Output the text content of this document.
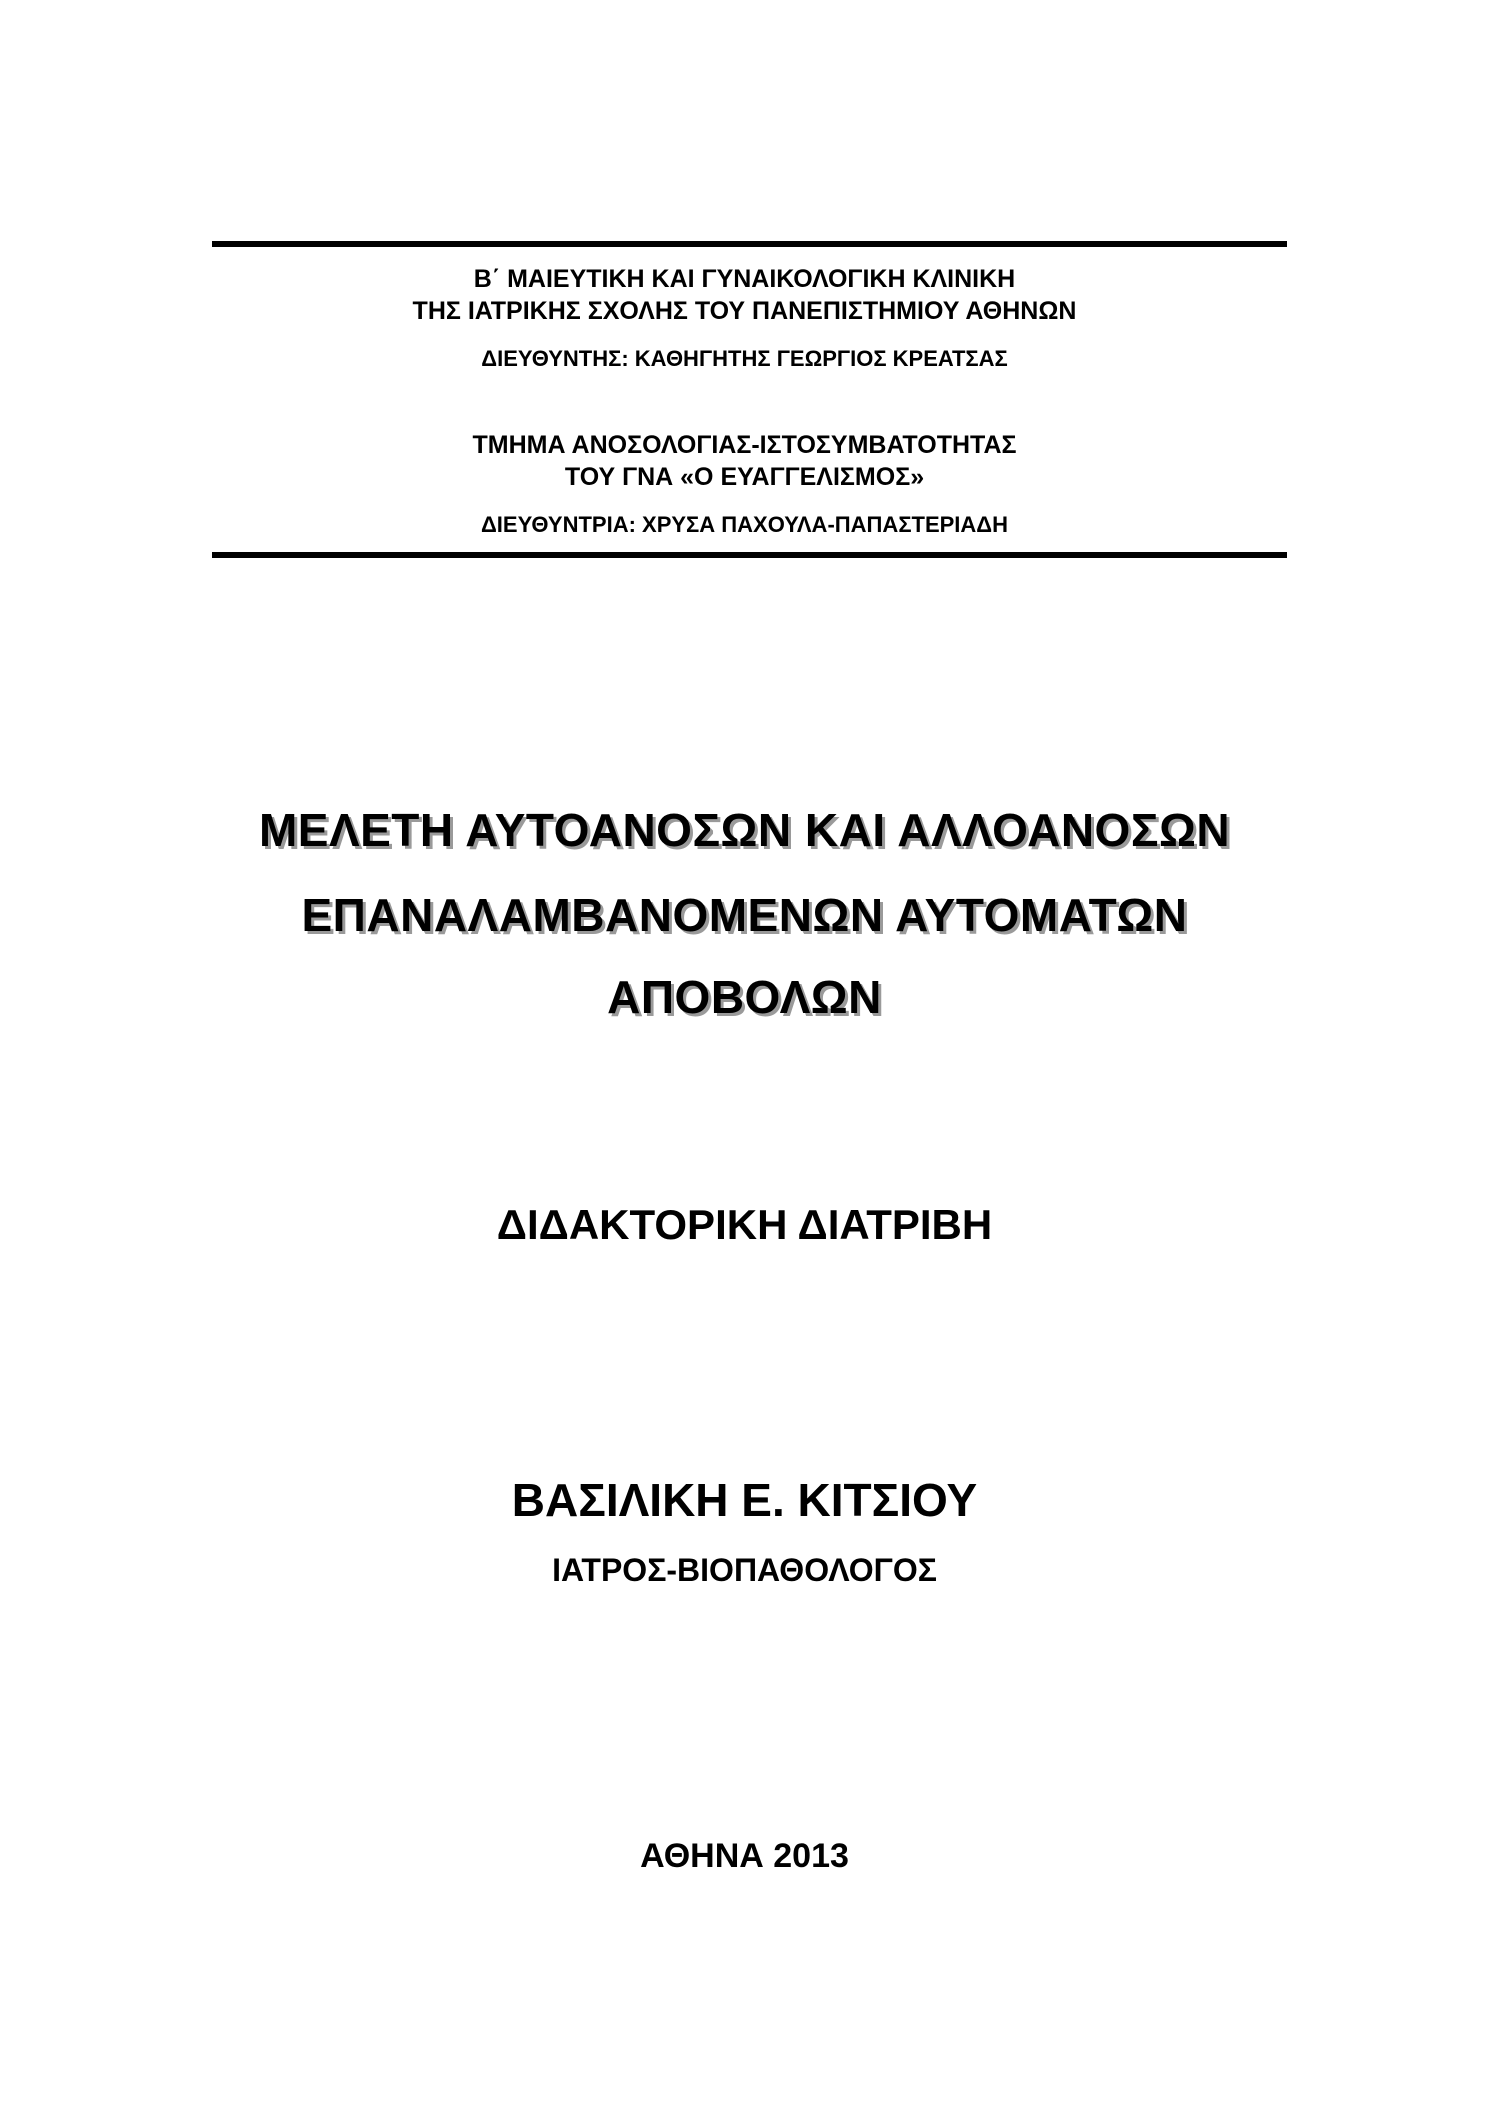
Β΄ ΜΑΙΕΥΤΙΚΗ ΚΑΙ ΓΥΝΑΙΚΟΛΟΓΙΚΗ ΚΛΙΝΙΚΗ
ΤΗΣ ΙΑΤΡΙΚΗΣ ΣΧΟΛΗΣ ΤΟΥ ΠΑΝΕΠΙΣΤΗΜΙΟΥ ΑΘΗΝΩΝ
ΔΙΕΥΘΥΝΤΗΣ: ΚΑΘΗΓΗΤΗΣ ΓΕΩΡΓΙΟΣ ΚΡΕΑΤΣΑΣ
ΤΜΗΜΑ ΑΝΟΣΟΛΟΓΙΑΣ-ΙΣΤΟΣΥΜΒΑΤΟΤΗΤΑΣ
ΤΟΥ ΓΝΑ «Ο ΕΥΑΓΓΕΛΙΣΜΟΣ»
ΔΙΕΥΘΥΝΤΡΙΑ: ΧΡΥΣΑ ΠΑΧΟΥΛΑ-ΠΑΠΑΣΤΕΡΙΑΔΗ
ΜΕΛΕΤΗ ΑΥΤΟΑΝΟΣΩΝ ΚΑΙ ΑΛΛΟΑΝΟΣΩΝ
ΕΠΑΝΑΛΑΜΒΑΝΟΜΕΝΩΝ ΑΥΤΟΜΑΤΩΝ
ΑΠΟΒΟΛΩΝ
ΔΙΔΑΚΤΟΡΙΚΗ ΔΙΑΤΡΙΒΗ
ΒΑΣΙΛΙΚΗ Ε. ΚΙΤΣΙΟΥ
ΙΑΤΡΟΣ-ΒΙΟΠΑΘΟΛΟΓΟΣ
ΑΘΗΝΑ 2013
